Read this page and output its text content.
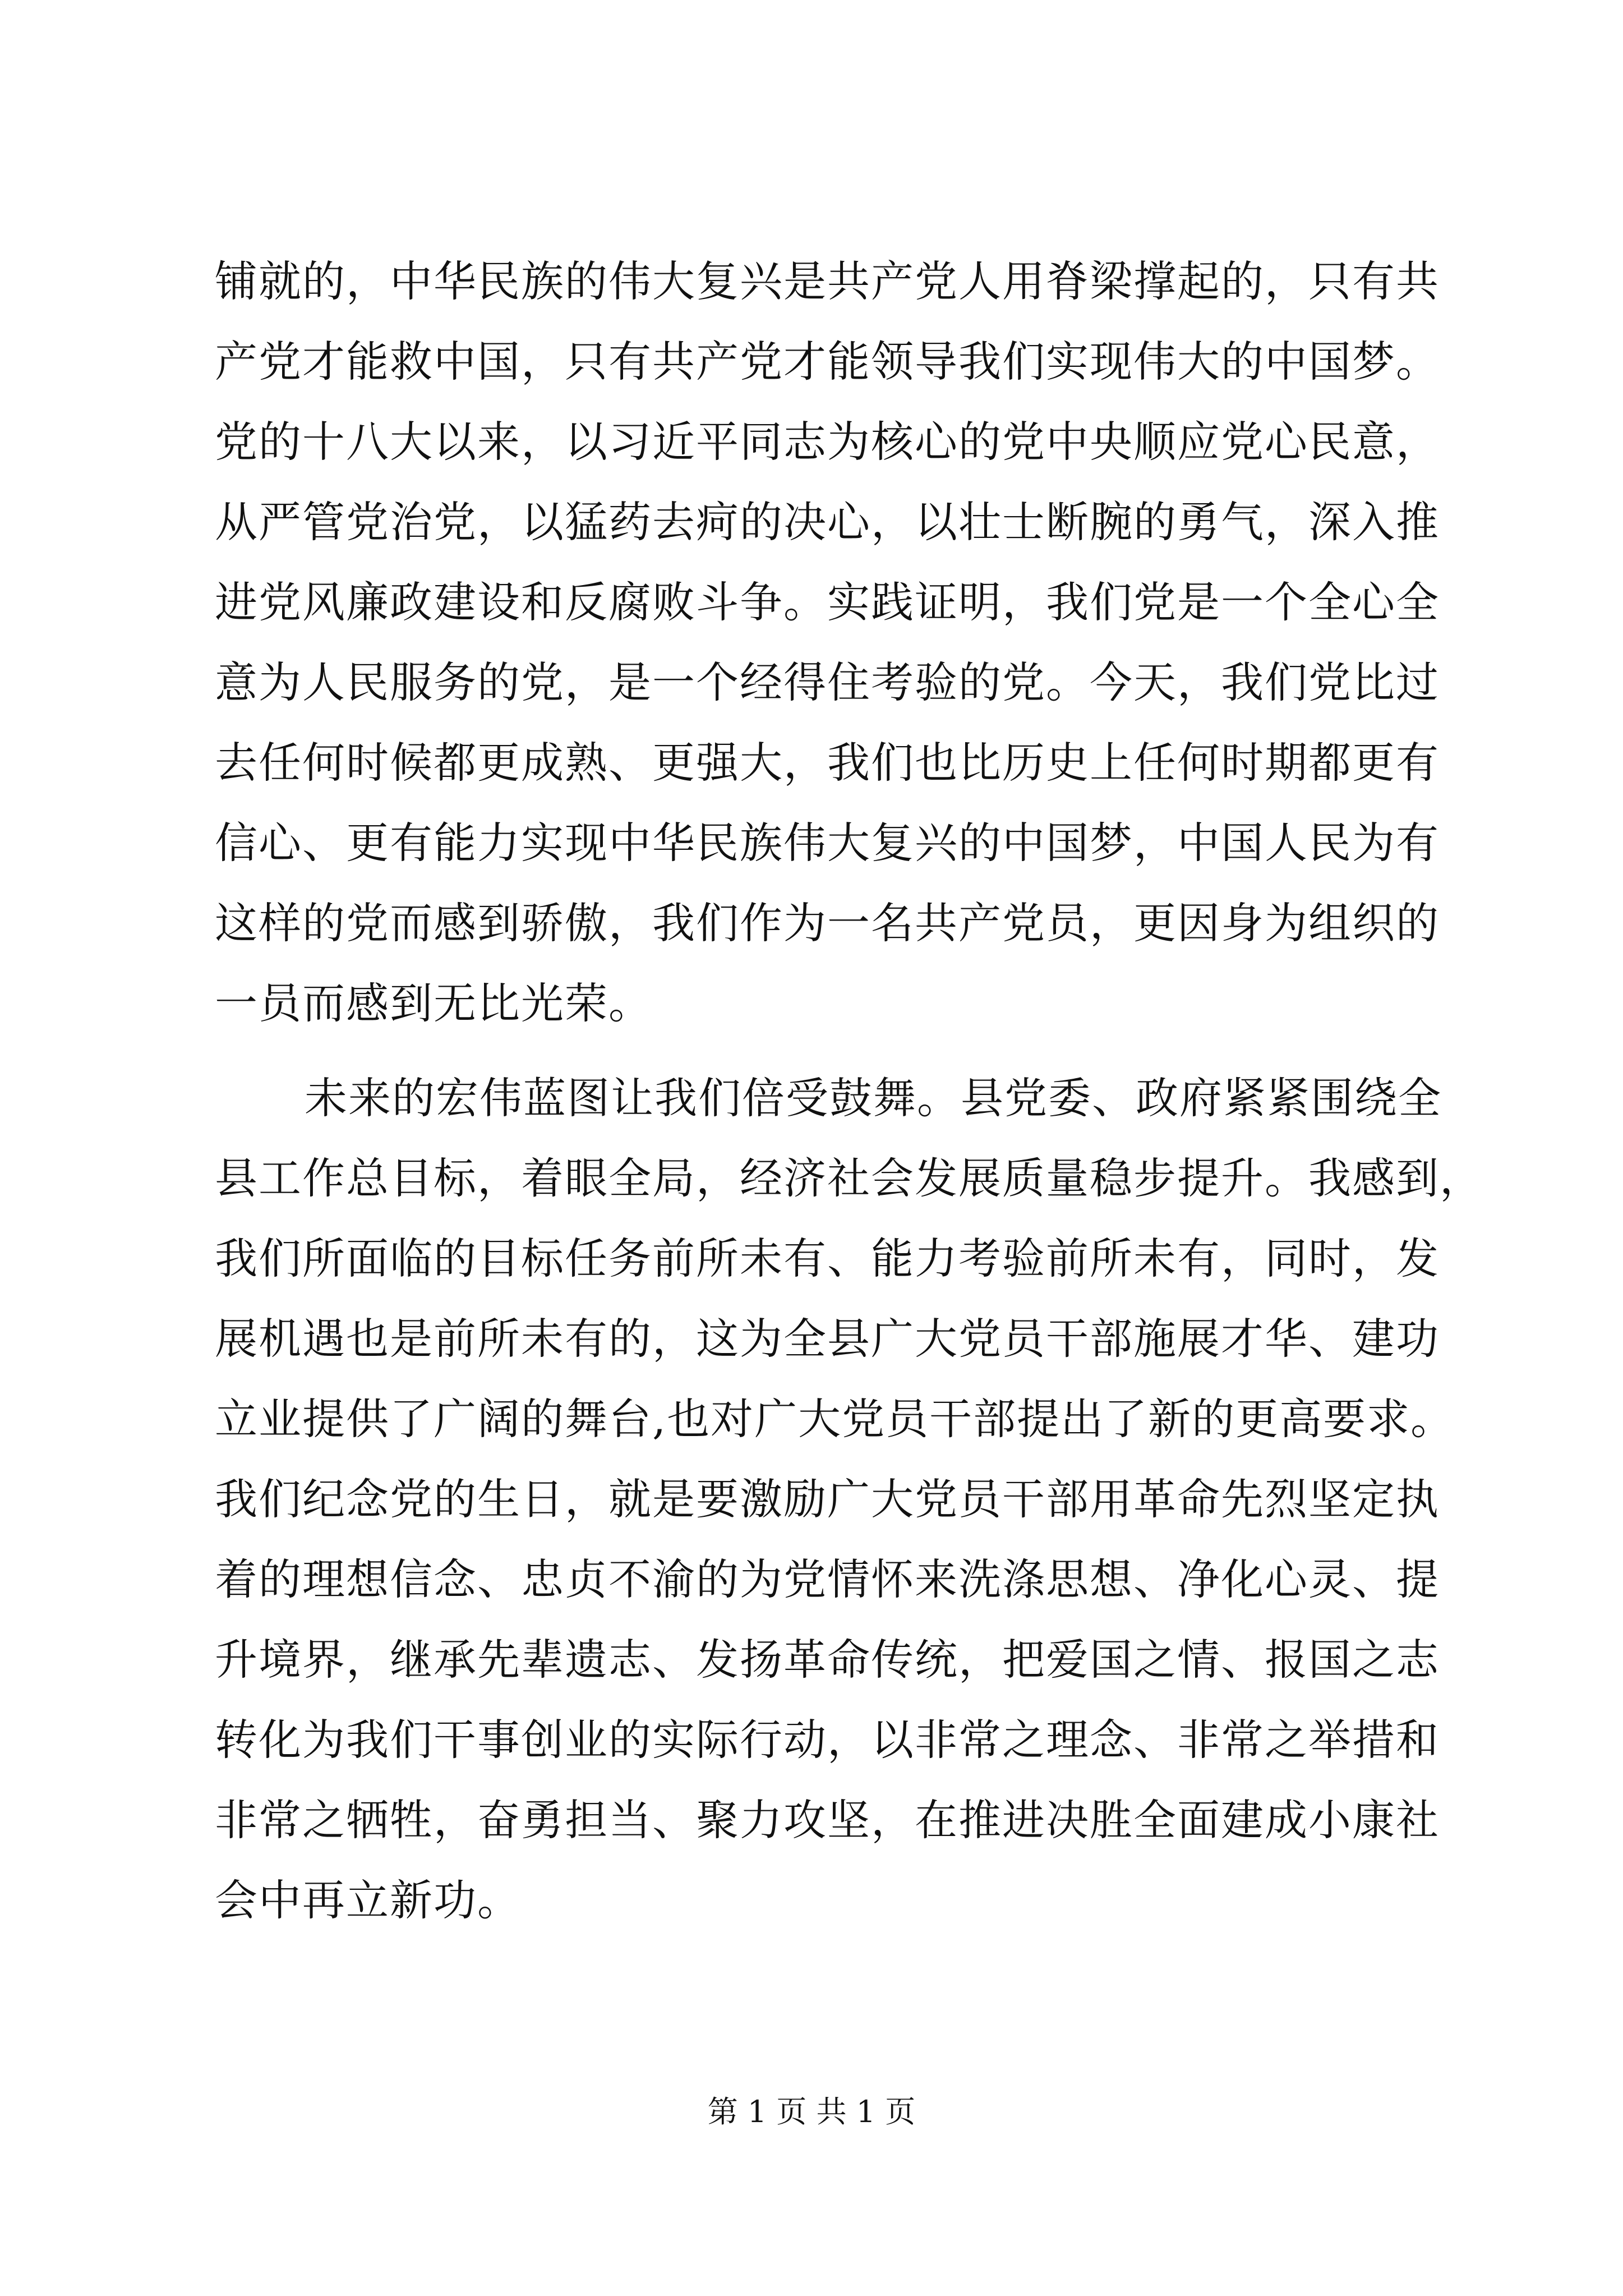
铺就的，中华民族的伟大复兴是共产党人用脊梁撑起的，只有共
产党才能救中国，只有共产党才能领导我们实现伟大的中国梦。
党的十八大以来，以习近平同志为核心的党中央顺应党心民意，
从严管党治党，以猛药去疴的决心，以壮士断腕的勇气，深入推
进党风廉政建设和反腐败斗争。实践证明，我们党是一个全心全
意为人民服务的党，是一个经得住考验的党。今天，我们党比过
去任何时候都更成熟、更强大，我们也比历史上任何时期都更有
信心、更有能力实现中华民族伟大复兴的中国梦，中国人民为有
这样的党而感到骄傲，我们作为一名共产党员，更因身为组织的
一员而感到无比光荣。
未来的宏伟蓝图让我们倍受鼓舞。县党委、政府紧紧围绕全
县工作总目标，着眼全局，经济社会发展质量稳步提升。我感到，
我们所面临的目标任务前所未有、能力考验前所未有，同时，发
展机遇也是前所未有的，这为全县广大党员干部施展才华、建功
立业提供了广阔的舞台,也对广大党员干部提出了新的更高要求。
我们纪念党的生日，就是要激励广大党员干部用革命先烈坚定执
着的理想信念、忠贞不渝的为党情怀来洗涤思想、净化心灵、提
升境界，继承先辈遗志、发扬革命传统，把爱国之情、报国之志
转化为我们干事创业的实际行动，以非常之理念、非常之举措和
非常之牺牲，奋勇担当、聚力攻坚，在推进决胜全面建成小康社
会中再立新功。
第 1 页 共 1 页
